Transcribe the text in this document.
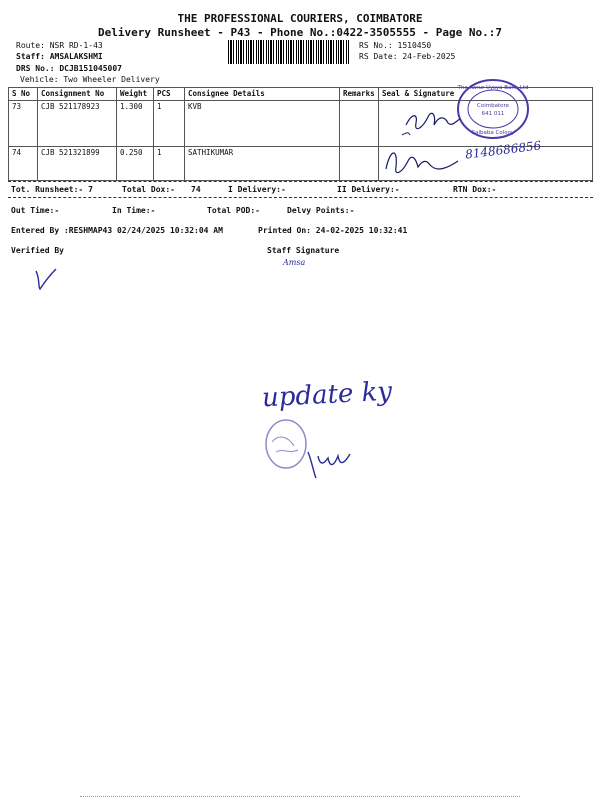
THE PROFESSIONAL COURIERS, COIMBATORE
Delivery Runsheet - P43 - Phone No.:0422-3505555 - Page No.:7
Route: NSR RD-1-43
Staff: AMSALAKSHMI
DRS No.: DCJB151045007
Vehicle: Two Wheeler Delivery
RS No.: 1510450
RS Date: 24-Feb-2025
S No	Consignment No	Weight	PCS	Consignee Details	Remarks	Seal & Signature
73	CJB 521178923	1.300	1	KVB		
74	CJB 521321899	0.250	1	SATHIKUMAR		
The Karur Vysya Bank Ltd
Coimbatore
641 011
Saibaba Colony
8148686856
Tot. Runsheet:- 7	Total Dox:- 74	I Delivery:-	II Delivery:-	RTN Dox:-
Out Time:-	In Time:-	Total POD:-	Delvy Points:-
Entered By :RESHMAP43 02/24/2025 10:32:04 AM	Printed On: 24-02-2025 10:32:41
Verified By	Staff Signature
Amsa
update ky
